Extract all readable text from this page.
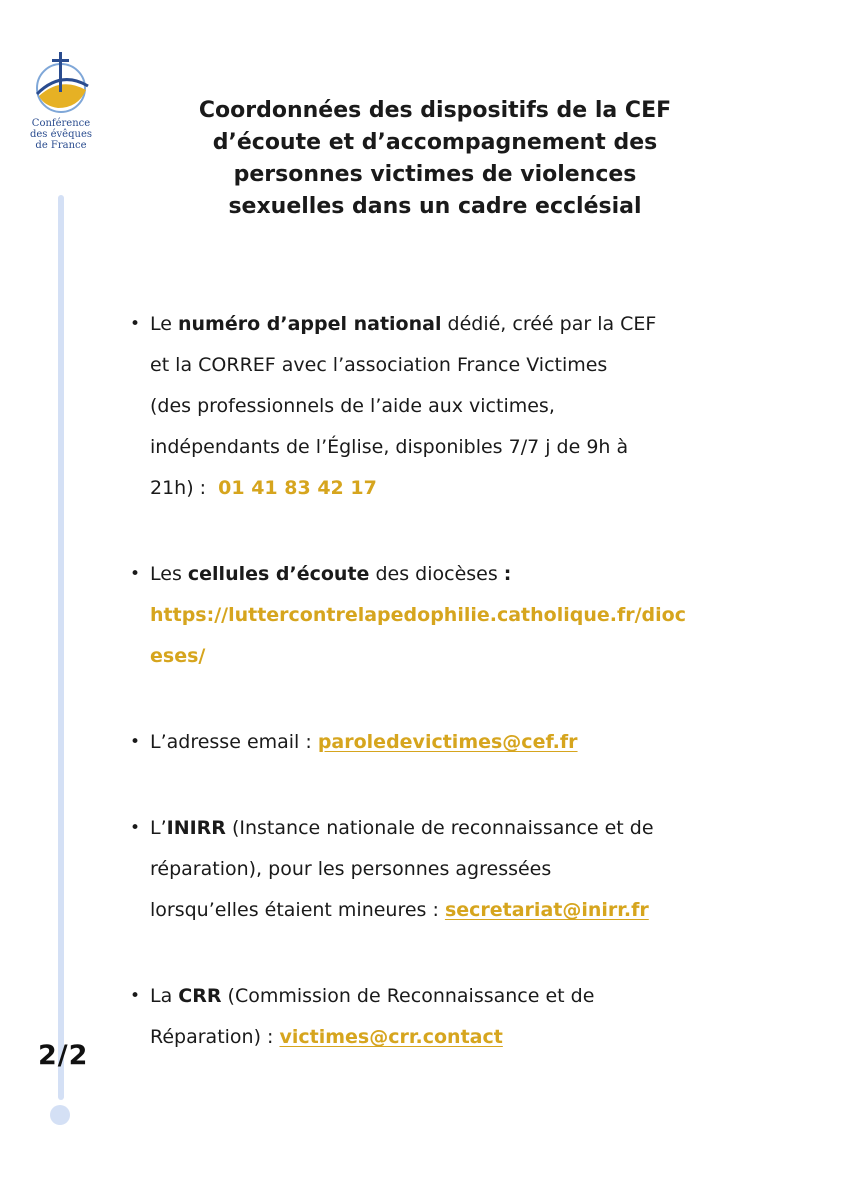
Conférence
des évêques
de France
2/2
Coordonnées des dispositifs de la CEF
d’écoute et d’accompagnement des
personnes victimes de violences
sexuelles dans un cadre ecclésial
• Le numéro d’appel national dédié, créé par la CEF
et la CORREF avec l’association France Victimes
(des professionnels de l’aide aux victimes,
indépendants de l’Église, disponibles 7/7 j de 9h à
21h) :  01 41 83 42 17
• Les cellules d’écoute des diocèses :
https://luttercontrelapedophilie.catholique.fr/dioc
eses/
• L’adresse email : paroledevictimes@cef.fr
• L’INIRR (Instance nationale de reconnaissance et de
réparation), pour les personnes agressées
lorsqu’elles étaient mineures : secretariat@inirr.fr
• La CRR (Commission de Reconnaissance et de
Réparation) : victimes@crr.contact
